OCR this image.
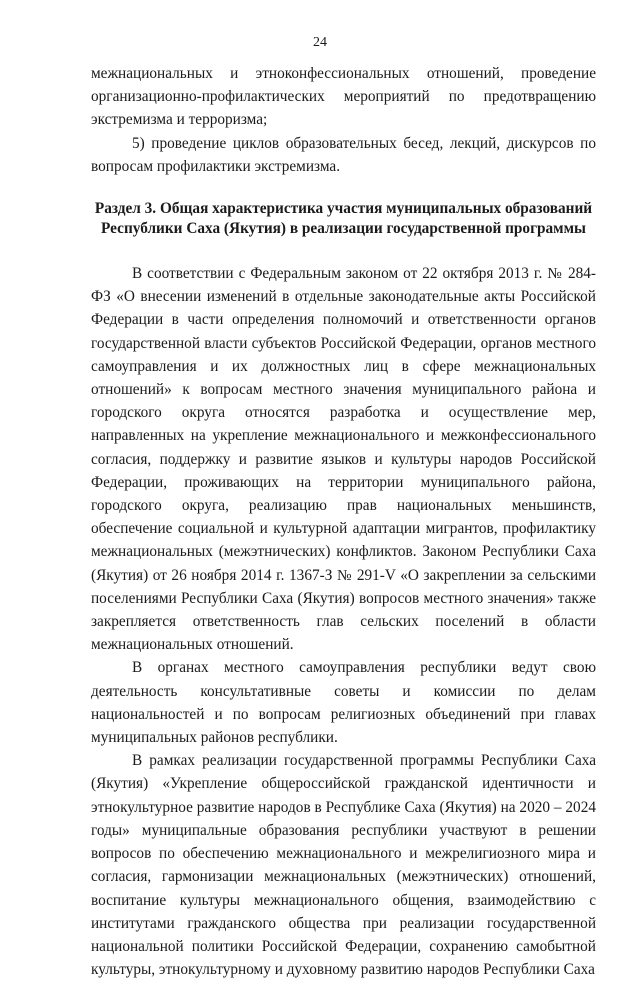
24

межнациональных и этноконфессиональных отношений, проведение организационно-профилактических мероприятий по предотвращению экстремизма и терроризма;

5) проведение циклов образовательных бесед, лекций, дискурсов по вопросам профилактики экстремизма.

Раздел 3. Общая характеристика участия муниципальных образований Республики Саха (Якутия) в реализации государственной программы

В соответствии с Федеральным законом от 22 октября 2013 г. № 284-ФЗ «О внесении изменений в отдельные законодательные акты Российской Федерации в части определения полномочий и ответственности органов государственной власти субъектов Российской Федерации, органов местного самоуправления и их должностных лиц в сфере межнациональных отношений» к вопросам местного значения муниципального района и городского округа относятся разработка и осуществление мер, направленных на укрепление межнационального и межконфессионального согласия, поддержку и развитие языков и культуры народов Российской Федерации, проживающих на территории муниципального района, городского округа, реализацию прав национальных меньшинств, обеспечение социальной и культурной адаптации мигрантов, профилактику межнациональных (межэтнических) конфликтов. Законом Республики Саха (Якутия) от 26 ноября 2014 г. 1367-З № 291-V «О закреплении за сельскими поселениями Республики Саха (Якутия) вопросов местного значения» также закрепляется ответственность глав сельских поселений в области межнациональных отношений.

В органах местного самоуправления республики ведут свою деятельность консультативные советы и комиссии по делам национальностей и по вопросам религиозных объединений при главах муниципальных районов республики.

В рамках реализации государственной программы Республики Саха (Якутия) «Укрепление общероссийской гражданской идентичности и этнокультурное развитие народов в Республике Саха (Якутия) на 2020 – 2024 годы» муниципальные образования республики участвуют в решении вопросов по обеспечению межнационального и межрелигиозного мира и согласия, гармонизации межнациональных (межэтнических) отношений, воспитание культуры межнационального общения, взаимодействию с институтами гражданского общества при реализации государственной национальной политики Российской Федерации, сохранению самобытной культуры, этнокультурному и духовному развитию народов Республики Саха
